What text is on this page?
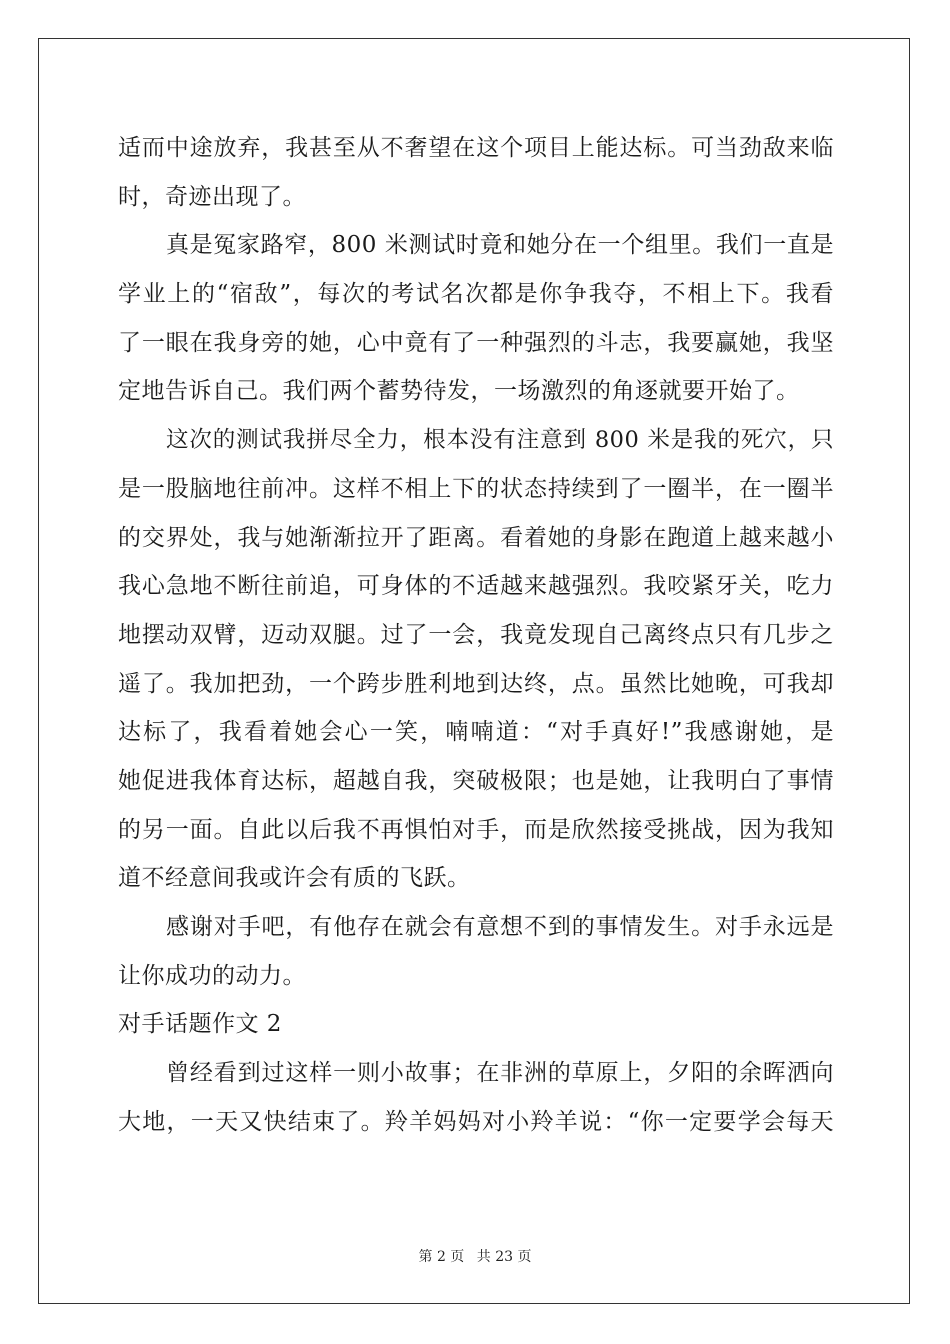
适而中途放弃，我甚至从不奢望在这个项目上能达标。可当劲敌来临
时，奇迹出现了。
真是冤家路窄，800 米测试时竟和她分在一个组里。我们一直是
学业上的“宿敌”，每次的考试名次都是你争我夺，不相上下。我看
了一眼在我身旁的她，心中竟有了一种强烈的斗志，我要赢她，我坚
定地告诉自己。我们两个蓄势待发，一场激烈的角逐就要开始了。
这次的测试我拼尽全力，根本没有注意到 800 米是我的死穴，只
是一股脑地往前冲。这样不相上下的状态持续到了一圈半，在一圈半
的交界处，我与她渐渐拉开了距离。看着她的身影在跑道上越来越小
我心急地不断往前追，可身体的不适越来越强烈。我咬紧牙关，吃力
地摆动双臂，迈动双腿。过了一会，我竟发现自己离终点只有几步之
遥了。我加把劲，一个跨步胜利地到达终，点。虽然比她晚，可我却
达标了，我看着她会心一笑，喃喃道：“对手真好!”我感谢她，是
她促进我体育达标，超越自我，突破极限；也是她，让我明白了事情
的另一面。自此以后我不再惧怕对手，而是欣然接受挑战，因为我知
道不经意间我或许会有质的飞跃。
感谢对手吧，有他存在就会有意想不到的事情发生。对手永远是
让你成功的动力。
对手话题作文 2
曾经看到过这样一则小故事；在非洲的草原上，夕阳的余晖洒向
大地，一天又快结束了。羚羊妈妈对小羚羊说：“你一定要学会每天
第 2 页 共 23 页
